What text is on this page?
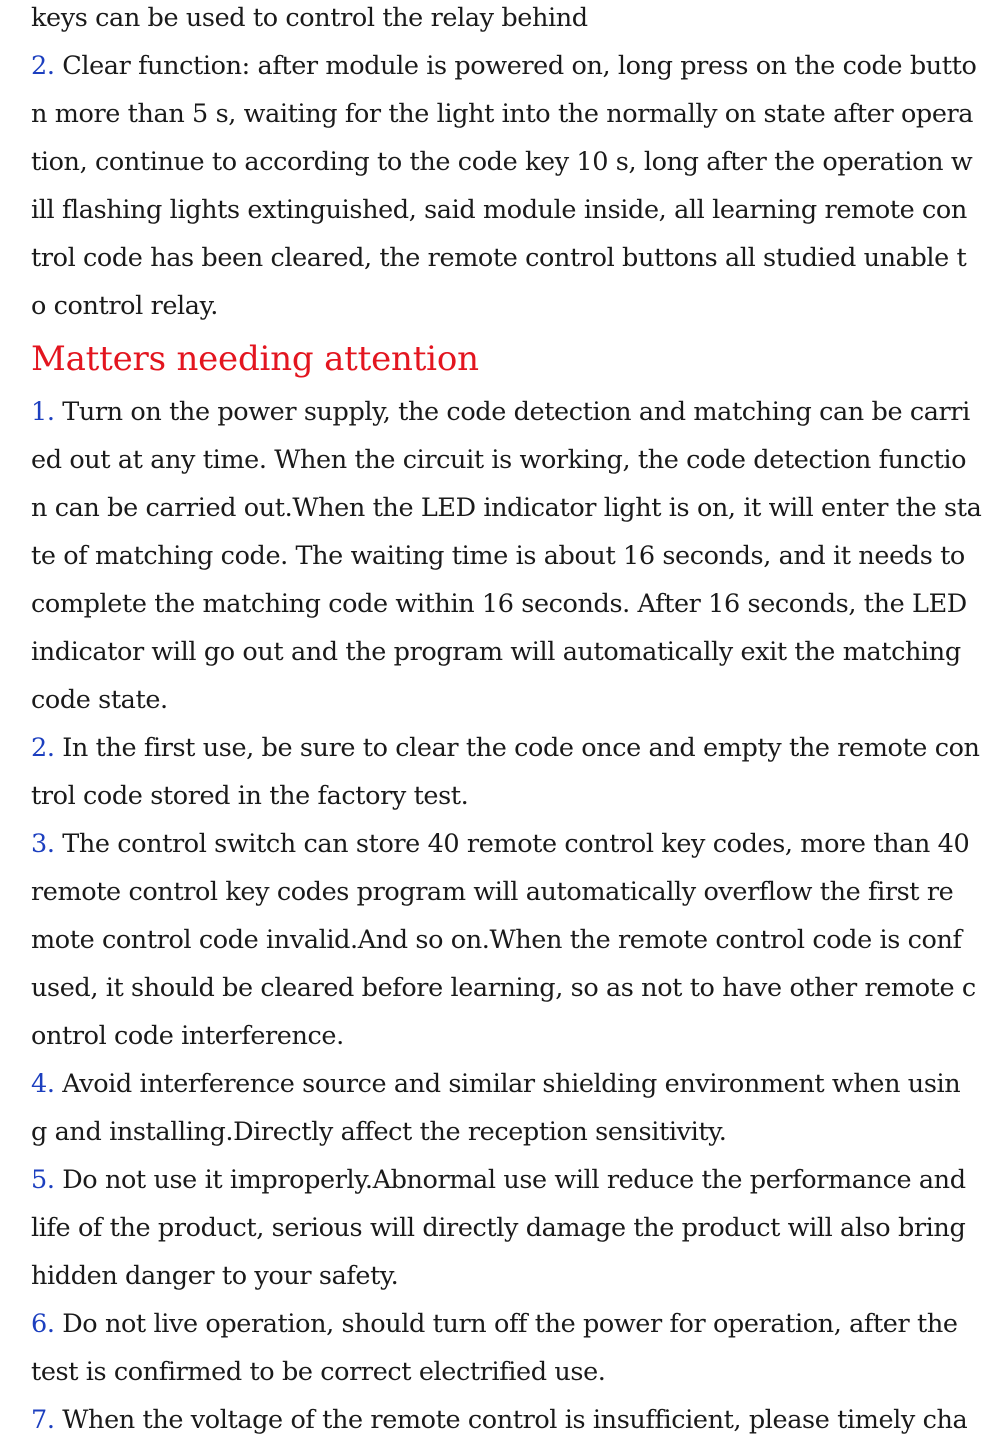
keys can be used to control the relay behind
2. Clear function: after module is powered on, long press on the code butto
n more than 5 s, waiting for the light into the normally on state after opera
tion, continue to according to the code key 10 s, long after the operation w
ill flashing lights extinguished, said module inside, all learning remote con
trol code has been cleared, the remote control buttons all studied unable t
o control relay.
Matters needing attention
1. Turn on the power supply, the code detection and matching can be carri
ed out at any time. When the circuit is working, the code detection functio
n can be carried out.When the LED indicator light is on, it will enter the sta
te of matching code. The waiting time is about 16 seconds, and it needs to
complete the matching code within 16 seconds. After 16 seconds, the LED
indicator will go out and the program will automatically exit the matching
code state.
2. In the first use, be sure to clear the code once and empty the remote con
trol code stored in the factory test.
3. The control switch can store 40 remote control key codes, more than 40
remote control key codes program will automatically overflow the first re
mote control code invalid.And so on.When the remote control code is conf
used, it should be cleared before learning, so as not to have other remote c
ontrol code interference.
4. Avoid interference source and similar shielding environment when usin
g and installing.Directly affect the reception sensitivity.
5. Do not use it improperly.Abnormal use will reduce the performance and
life of the product, serious will directly damage the product will also bring
hidden danger to your safety.
6. Do not live operation, should turn off the power for operation, after the
test is confirmed to be correct electrified use.
7. When the voltage of the remote control is insufficient, please timely cha
